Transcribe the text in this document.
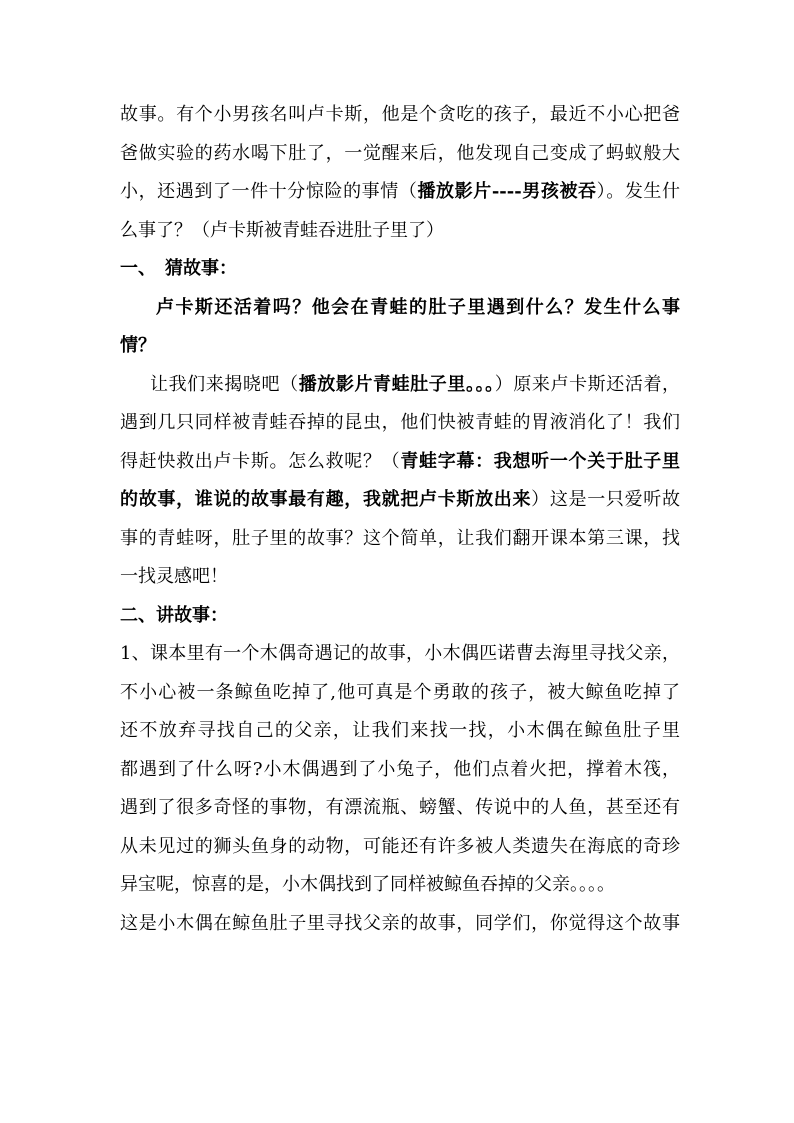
故事。有个小男孩名叫卢卡斯，他是个贪吃的孩子，最近不小心把爸
爸做实验的药水喝下肚了，一觉醒来后，他发现自己变成了蚂蚁般大
小，还遇到了一件十分惊险的事情（播放影片----男孩被吞）。发生什
么事了？（卢卡斯被青蛙吞进肚子里了）
一、　猜故事：
卢卡斯还活着吗？他会在青蛙的肚子里遇到什么？发生什么事
情？
让我们来揭晓吧（播放影片青蛙肚子里。。。）原来卢卡斯还活着，
遇到几只同样被青蛙吞掉的昆虫，他们快被青蛙的胃液消化了！我们
得赶快救出卢卡斯。怎么救呢？（青蛙字幕：我想听一个关于肚子里
的故事，谁说的故事最有趣，我就把卢卡斯放出来）这是一只爱听故
事的青蛙呀，肚子里的故事？这个简单，让我们翻开课本第三课，找
一找灵感吧！
二、讲故事：
1、课本里有一个木偶奇遇记的故事，小木偶匹诺曹去海里寻找父亲，
不小心被一条鲸鱼吃掉了,他可真是个勇敢的孩子，被大鲸鱼吃掉了
还不放弃寻找自己的父亲，让我们来找一找，小木偶在鲸鱼肚子里
都遇到了什么呀?小木偶遇到了小兔子，他们点着火把，撑着木筏，
遇到了很多奇怪的事物，有漂流瓶、螃蟹、传说中的人鱼，甚至还有
从未见过的狮头鱼身的动物，可能还有许多被人类遗失在海底的奇珍
异宝呢，惊喜的是，小木偶找到了同样被鲸鱼吞掉的父亲。。。。
这是小木偶在鲸鱼肚子里寻找父亲的故事，同学们，你觉得这个故事
